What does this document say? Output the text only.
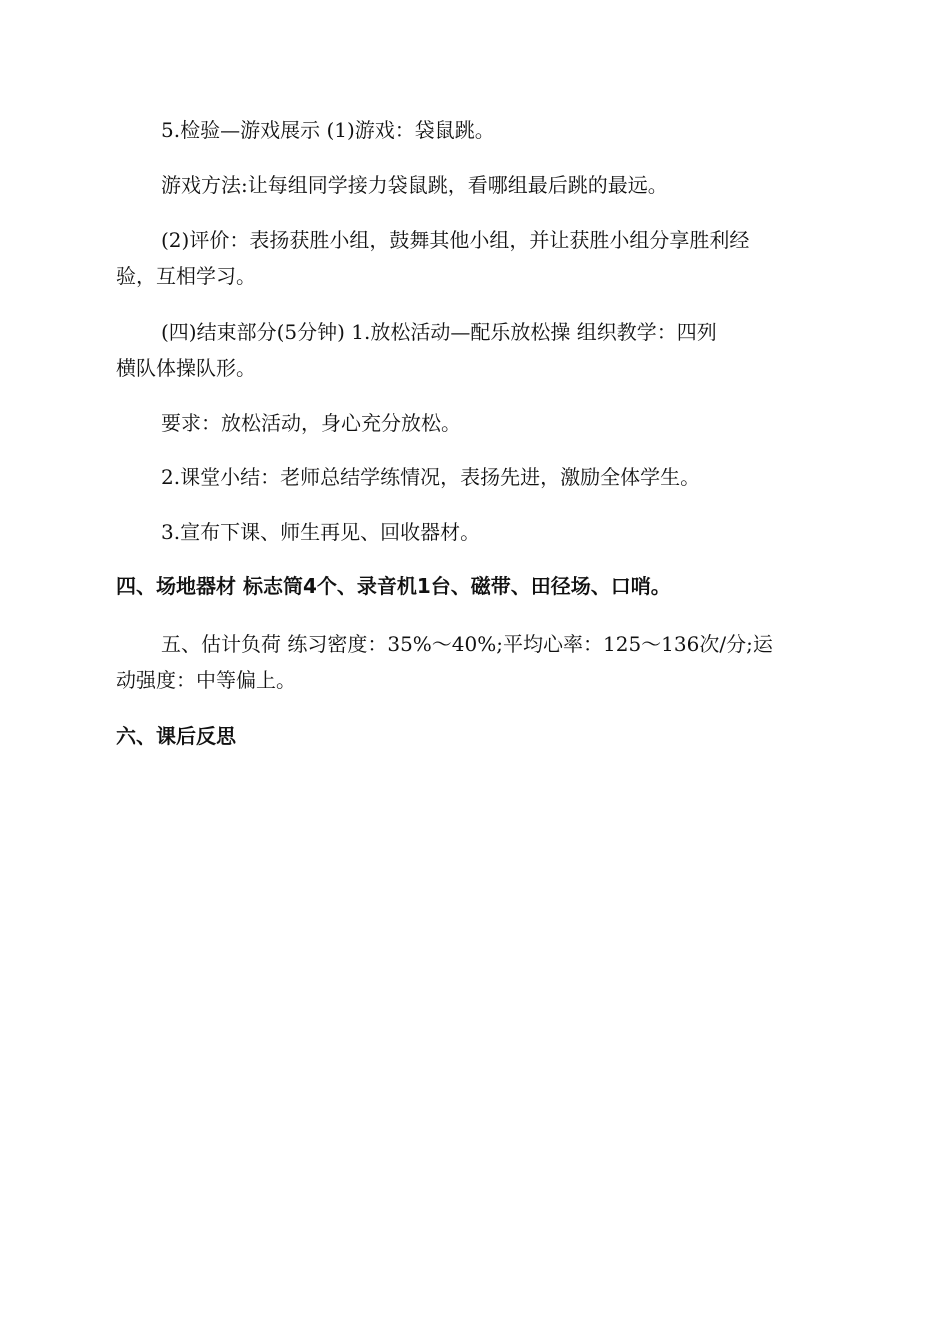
5.检验—游戏展示 (1)游戏：袋鼠跳。
游戏方法:让每组同学接力袋鼠跳，看哪组最后跳的最远。
(2)评价：表扬获胜小组，鼓舞其他小组，并让获胜小组分享胜利经
验，互相学习。
(四)结束部分(5分钟) 1.放松活动—配乐放松操 组织教学：四列
横队体操队形。
要求：放松活动，身心充分放松。
2.课堂小结：老师总结学练情况，表扬先进，激励全体学生。
3.宣布下课、师生再见、回收器材。
四、场地器材 标志筒4个、录音机1台、磁带、田径场、口哨。
五、估计负荷 练习密度：35%～40%;平均心率：125～136次/分;运
动强度：中等偏上。
六、课后反思
